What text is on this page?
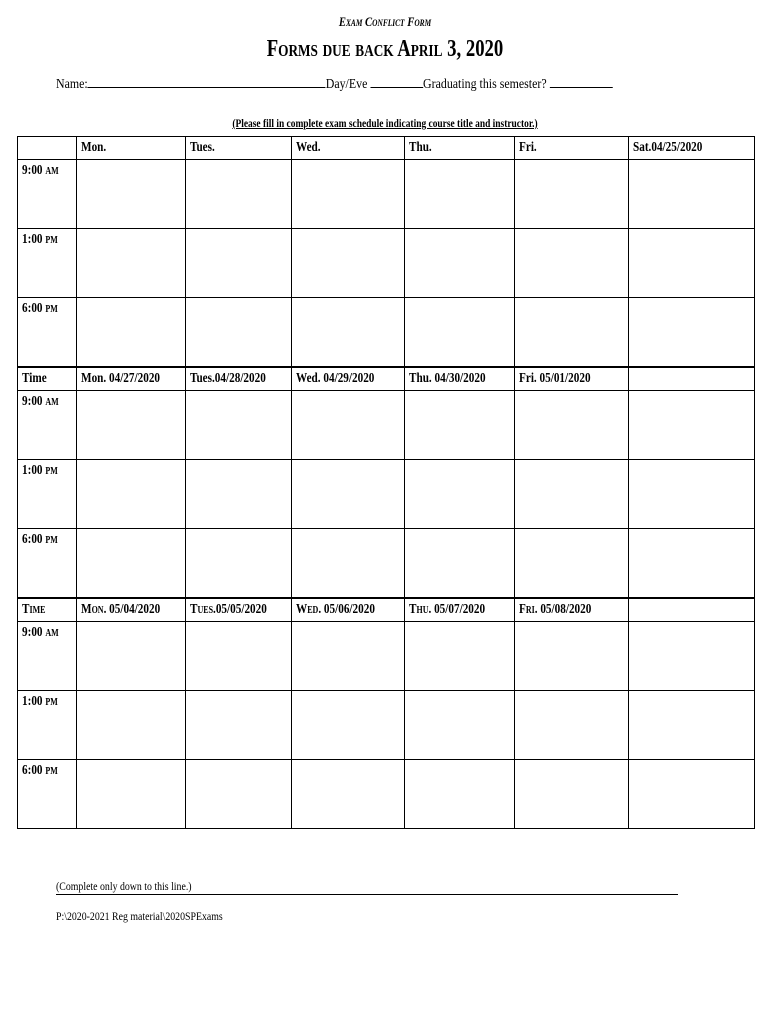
Exam Conflict Form
Forms due back April 3, 2020
Name:	Day/Eve	Graduating this semester?
(Please fill in complete exam schedule indicating course title and instructor.)
	Mon.	Tues.	Wed.	Thu.	Fri.	Sat.04/25/2020
9:00 AM						
1:00 PM						
6:00 PM						
Time	Mon. 04/27/2020	Tues.04/28/2020	Wed. 04/29/2020	Thu. 04/30/2020	Fri. 05/01/2020	
9:00 AM						
1:00 PM						
6:00 PM						
Time	Mon. 05/04/2020	Tues.05/05/2020	Wed. 05/06/2020	Thu. 05/07/2020	Fri. 05/08/2020	
9:00 AM						
1:00 PM						
6:00 PM						
(Complete only down to this line.)
P:\2020-2021 Reg material\2020SPExams
